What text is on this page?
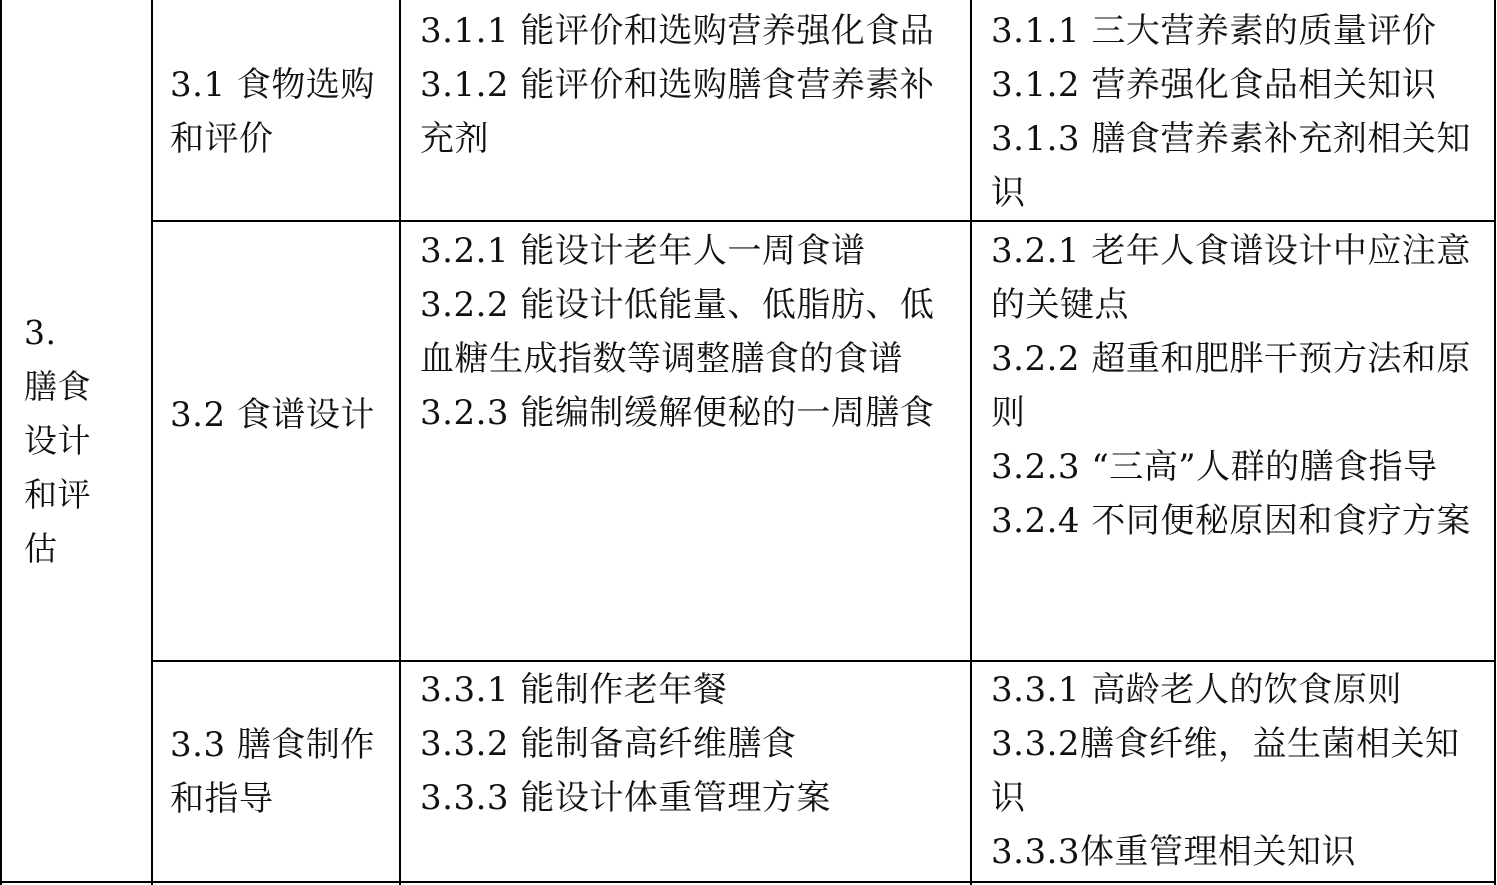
3.

膳食

设计

和评

估

3.1 食物选购和评价

3.1.1 能评价和选购营养强化食品

3.1.2 能评价和选购膳食营养素补充剂

3.1.1 三大营养素的质量评价

3.1.2 营养强化食品相关知识

3.1.3 膳食营养素补充剂相关知识

3.2 食谱设计

3.2.1 能设计老年人一周食谱

3.2.2 能设计低能量、低脂肪、低血糖生成指数等调整膳食的食谱

3.2.3 能编制缓解便秘的一周膳食

3.2.1 老年人食谱设计中应注意的关键点

3.2.2 超重和肥胖干预方法和原则

3.2.3 “三高”人群的膳食指导

3.2.4 不同便秘原因和食疗方案

3.3 膳食制作和指导

3.3.1 能制作老年餐

3.3.2 能制备高纤维膳食

3.3.3 能设计体重管理方案

3.3.1 高龄老人的饮食原则

3.3.2膳食纤维，益生菌相关知识

3.3.3体重管理相关知识
